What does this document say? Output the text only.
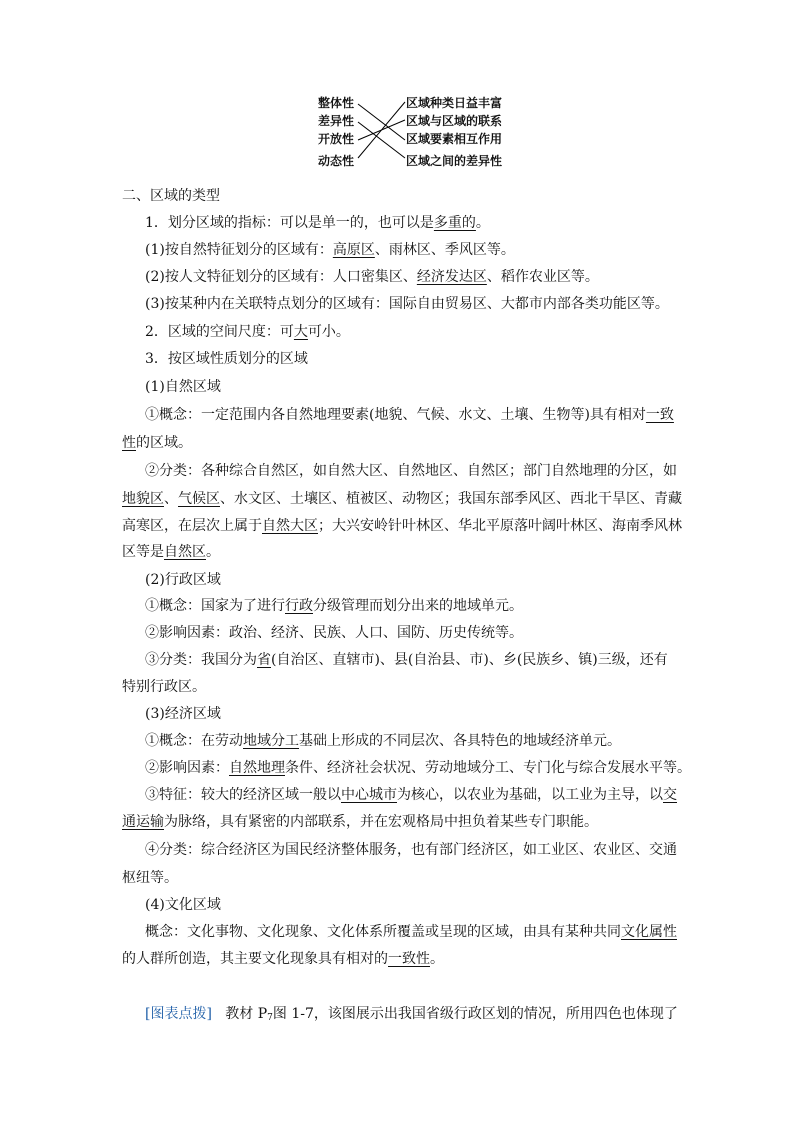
整体性
差异性
开放性
动态性
区域种类日益丰富
区域与区域的联系
区域要素相互作用
区域之间的差异性
二、区域的类型
1．划分区域的指标：可以是单一的，也可以是多重的。
(1)按自然特征划分的区域有：高原区、雨林区、季风区等。
(2)按人文特征划分的区域有：人口密集区、经济发达区、稻作农业区等。
(3)按某种内在关联特点划分的区域有：国际自由贸易区、大都市内部各类功能区等。
2．区域的空间尺度：可大可小。
3．按区域性质划分的区域
(1)自然区域
①概念：一定范围内各自然地理要素(地貌、气候、水文、土壤、生物等)具有相对一致
性的区域。
②分类：各种综合自然区，如自然大区、自然地区、自然区；部门自然地理的分区，如
地貌区、气候区、水文区、土壤区、植被区、动物区；我国东部季风区、西北干旱区、青藏
高寒区，在层次上属于自然大区；大兴安岭针叶林区、华北平原落叶阔叶林区、海南季风林
区等是自然区。
(2)行政区域
①概念：国家为了进行行政分级管理而划分出来的地域单元。
②影响因素：政治、经济、民族、人口、国防、历史传统等。
③分类：我国分为省(自治区、直辖市)、县(自治县、市)、乡(民族乡、镇)三级，还有
特别行政区。
(3)经济区域
①概念：在劳动地域分工基础上形成的不同层次、各具特色的地域经济单元。
②影响因素：自然地理条件、经济社会状况、劳动地域分工、专门化与综合发展水平等。
③特征：较大的经济区域一般以中心城市为核心，以农业为基础，以工业为主导，以交
通运输为脉络，具有紧密的内部联系，并在宏观格局中担负着某些专门职能。
④分类：综合经济区为国民经济整体服务，也有部门经济区，如工业区、农业区、交通
枢纽等。
(4)文化区域
概念：文化事物、文化现象、文化体系所覆盖或呈现的区域，由具有某种共同文化属性
的人群所创造，其主要文化现象具有相对的一致性。
[图表点拨] 教材 $P_7$图 1-7，该图展示出我国省级行政区划的情况，所用四色也体现了
